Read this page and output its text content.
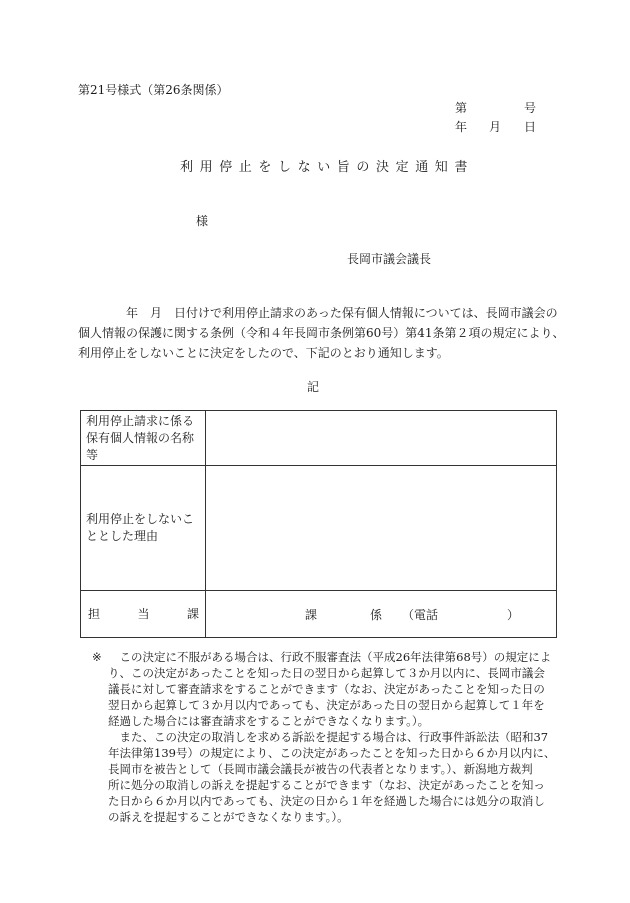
第21号様式（第26条関係）
第	号
年 月 日
利用停止をしない旨の決定通知書
様
長岡市議会議長
　　　　年　月　日付けで利用停止請求のあった保有個人情報については、長岡市議会の
個人情報の保護に関する条例（令和４年長岡市条例第60号）第41条第２項の規定により、
利用停止をしないことに決定をしたので、下記のとおり通知します。
記
利用停止請求に係る
保有個人情報の名称
等	

利用停止をしないこ
ととした理由	

担 当 課	課 係 （電話 ）
※ 　この決定に不服がある場合は、行政不服審査法（平成26年法律第68号）の規定によ
り、この決定があったことを知った日の翌日から起算して３か月以内に、長岡市議会
議長に対して審査請求をすることができます（なお、決定があったことを知った日の
翌日から起算して３か月以内であっても、決定があった日の翌日から起算して１年を
経過した場合には審査請求をすることができなくなります。）。
　また、この決定の取消しを求める訴訟を提起する場合は、行政事件訴訟法（昭和37
年法律第139号）の規定により、この決定があったことを知った日から６か月以内に、
長岡市を被告として（長岡市議会議長が被告の代表者となります。）、新潟地方裁判
所に処分の取消しの訴えを提起することができます（なお、決定があったことを知っ
た日から６か月以内であっても、決定の日から１年を経過した場合には処分の取消し
の訴えを提起することができなくなります。）。
